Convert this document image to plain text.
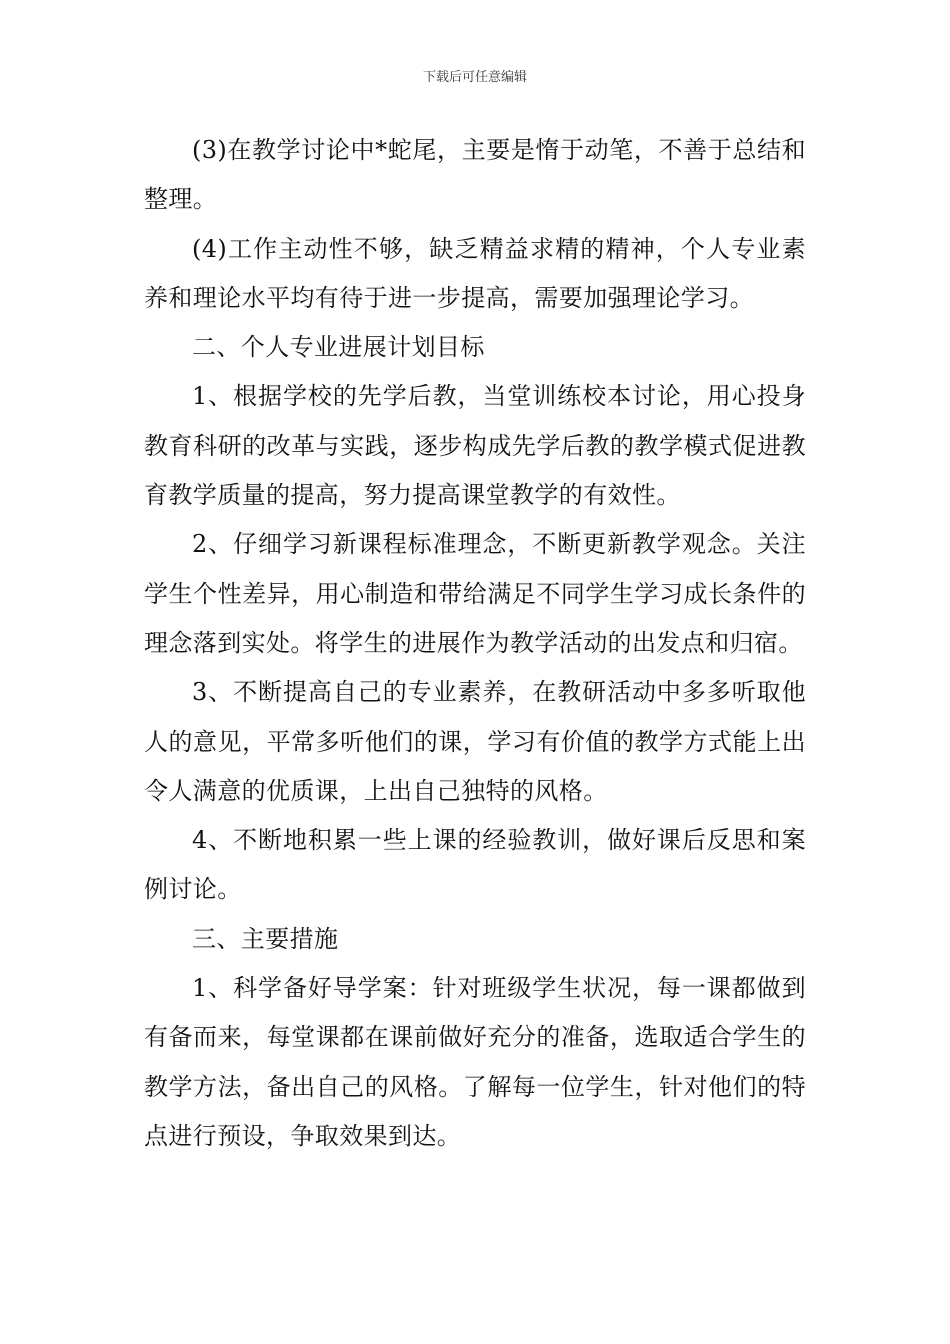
下载后可任意编辑

(3)在教学讨论中*蛇尾，主要是惰于动笔，不善于总结和整理。

(4)工作主动性不够，缺乏精益求精的精神，个人专业素养和理论水平均有待于进一步提高，需要加强理论学习。

二、个人专业进展计划目标

1、根据学校的先学后教，当堂训练校本讨论，用心投身教育科研的改革与实践，逐步构成先学后教的教学模式促进教育教学质量的提高，努力提高课堂教学的有效性。

2、仔细学习新课程标准理念，不断更新教学观念。关注学生个性差异，用心制造和带给满足不同学生学习成长条件的理念落到实处。将学生的进展作为教学活动的出发点和归宿。

3、不断提高自己的专业素养，在教研活动中多多听取他人的意见，平常多听他们的课，学习有价值的教学方式能上出令人满意的优质课，上出自己独特的风格。

4、不断地积累一些上课的经验教训，做好课后反思和案例讨论。

三、主要措施

1、科学备好导学案：针对班级学生状况，每一课都做到有备而来，每堂课都在课前做好充分的准备，选取适合学生的教学方法，备出自己的风格。了解每一位学生，针对他们的特点进行预设，争取效果到达。
